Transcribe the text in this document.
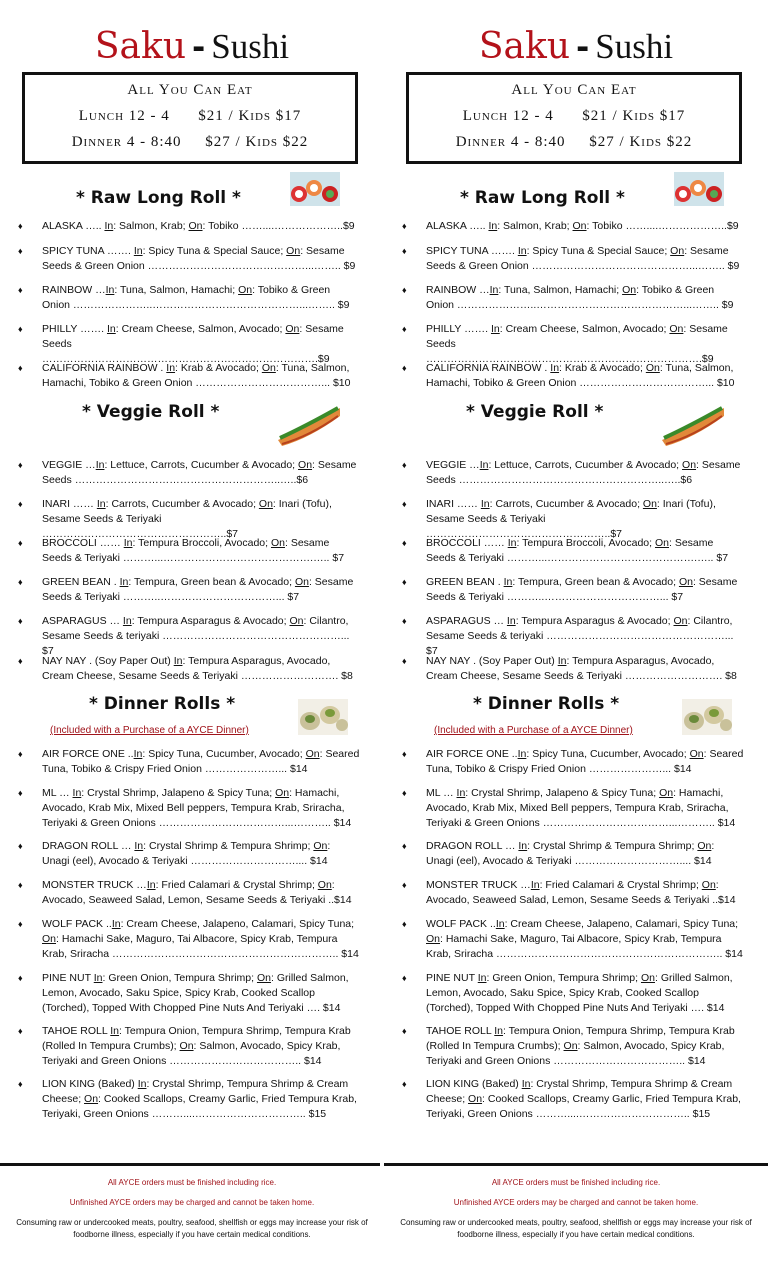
Saku - Sushi
All You Can Eat
Lunch 12 - 4      $21 / Kids $17
Dinner 4 - 8:40     $27 / Kids $22
* Raw Long Roll *
* Veggie Roll *
* Dinner Rolls *
(Included with a Purchase of a AYCE Dinner)
♦ ALASKA ….. In: Salmon, Krab; On: Tobiko ……....………………..$9
♦ SPICY TUNA ……. In: Spicy Tuna & Special Sauce; On: Sesame Seeds & Green Onion ………………………………………...…….. $9
♦ RAINBOW …In: Tuna, Salmon, Hamachi; On: Tobiko & Green Onion …………………..……………………………………...…….. $9
♦ PHILLY ……. In: Cream Cheese, Salmon, Avocado; On: Sesame Seeds …………………………………………………………………….$9
♦ CALIFORNIA RAINBOW . In: Krab & Avocado; On: Tuna, Salmon, Hamachi, Tobiko & Green Onion ………………………………... $10
♦ VEGGIE …In: Lettuce, Carrots, Cucumber & Avocado; On: Sesame Seeds …………………………………………………..…..$6
♦ INARI …… In: Carrots, Cucumber & Avocado; On: Inari (Tofu), Sesame Seeds & Teriyaki ……………………………………………..$7
♦ BROCCOLI …… In: Tempura Broccoli, Avocado; On: Sesame Seeds & Teriyaki ………...…………………………………….….. $7
♦ GREEN BEAN . In: Tempura, Green bean & Avocado; On: Sesame Seeds & Teriyaki ………..……………………………... $7
♦ ASPARAGUS … In: Tempura Asparagus & Avocado; On: Cilantro, Sesame Seeds & teriyaki ……………………………………………... $7
♦ NAY NAY . (Soy Paper Out) In: Tempura Asparagus, Avocado, Cream Cheese, Sesame Seeds & Teriyaki ………………………. $8
♦ AIR FORCE ONE ..In: Spicy Tuna, Cucumber, Avocado; On: Seared Tuna, Tobiko & Crispy Fried Onion …………………... $14
♦ ML … In: Crystal Shrimp, Jalapeno & Spicy Tuna; On: Hamachi, Avocado, Krab Mix, Mixed Bell peppers, Tempura Krab, Sriracha, Teriyaki & Green Onions ………………………………...……….. $14
♦ DRAGON ROLL … In: Crystal Shrimp & Tempura Shrimp; On: Unagi (eel), Avocado & Teriyaki ………………………….... $14
♦ MONSTER TRUCK …In: Fried Calamari & Crystal Shrimp; On: Avocado, Seaweed Salad, Lemon, Sesame Seeds & Teriyaki ..$14
♦ WOLF PACK ..In: Cream Cheese, Jalapeno, Calamari, Spicy Tuna; On: Hamachi Sake, Maguro, Tai Albacore, Spicy Krab, Tempura Krab, Sriracha ……………………………………………………….. $14
♦ PINE NUT In: Green Onion, Tempura Shrimp; On: Grilled Salmon, Lemon, Avocado, Saku Spice, Spicy Krab, Cooked Scallop (Torched), Topped With Chopped Pine Nuts And Teriyaki …. $14
♦ TAHOE ROLL In: Tempura Onion, Tempura Shrimp, Tempura Krab (Rolled In Tempura Crumbs); On: Salmon, Avocado, Spicy Krab, Teriyaki and Green Onions ……………………………….. $14
♦ LION KING (Baked) In: Crystal Shrimp, Tempura Shrimp & Cream Cheese; On: Cooked Scallops, Creamy Garlic, Fried Tempura Krab, Teriyaki, Green Onions ………....………………………….. $15
All AYCE orders must be finished including rice.
Unfinished AYCE orders may be charged and cannot be taken home.
Consuming raw or undercooked meats, poultry, seafood, shellfish or eggs may increase your risk of foodborne illness, especially if you have certain medical conditions.
Saku - Sushi
All You Can Eat
Lunch 12 - 4      $21 / Kids $17
Dinner 4 - 8:40     $27 / Kids $22
* Raw Long Roll *
* Veggie Roll *
* Dinner Rolls *
(Included with a Purchase of a AYCE Dinner)
♦ ALASKA ….. In: Salmon, Krab; On: Tobiko ……....………………..$9
♦ SPICY TUNA ……. In: Spicy Tuna & Special Sauce; On: Sesame Seeds & Green Onion ………………………………………...…….. $9
♦ RAINBOW …In: Tuna, Salmon, Hamachi; On: Tobiko & Green Onion …………………..……………………………………...…….. $9
♦ PHILLY ……. In: Cream Cheese, Salmon, Avocado; On: Sesame Seeds …………………………………………………………………….$9
♦ CALIFORNIA RAINBOW . In: Krab & Avocado; On: Tuna, Salmon, Hamachi, Tobiko & Green Onion ………………………………... $10
♦ VEGGIE …In: Lettuce, Carrots, Cucumber & Avocado; On: Sesame Seeds …………………………………………………..…..$6
♦ INARI …… In: Carrots, Cucumber & Avocado; On: Inari (Tofu), Sesame Seeds & Teriyaki ……………………………………………..$7
♦ BROCCOLI …… In: Tempura Broccoli, Avocado; On: Sesame Seeds & Teriyaki ………...…………………………………….….. $7
♦ GREEN BEAN . In: Tempura, Green bean & Avocado; On: Sesame Seeds & Teriyaki ………..……………………………... $7
♦ ASPARAGUS … In: Tempura Asparagus & Avocado; On: Cilantro, Sesame Seeds & teriyaki ……………………………………………... $7
♦ NAY NAY . (Soy Paper Out) In: Tempura Asparagus, Avocado, Cream Cheese, Sesame Seeds & Teriyaki ………………………. $8
♦ AIR FORCE ONE ..In: Spicy Tuna, Cucumber, Avocado; On: Seared Tuna, Tobiko & Crispy Fried Onion …………………... $14
♦ ML … In: Crystal Shrimp, Jalapeno & Spicy Tuna; On: Hamachi, Avocado, Krab Mix, Mixed Bell peppers, Tempura Krab, Sriracha, Teriyaki & Green Onions ………………………………...……….. $14
♦ DRAGON ROLL … In: Crystal Shrimp & Tempura Shrimp; On: Unagi (eel), Avocado & Teriyaki ………………………….... $14
♦ MONSTER TRUCK …In: Fried Calamari & Crystal Shrimp; On: Avocado, Seaweed Salad, Lemon, Sesame Seeds & Teriyaki ..$14
♦ WOLF PACK ..In: Cream Cheese, Jalapeno, Calamari, Spicy Tuna; On: Hamachi Sake, Maguro, Tai Albacore, Spicy Krab, Tempura Krab, Sriracha ……………………………………………………….. $14
♦ PINE NUT In: Green Onion, Tempura Shrimp; On: Grilled Salmon, Lemon, Avocado, Saku Spice, Spicy Krab, Cooked Scallop (Torched), Topped With Chopped Pine Nuts And Teriyaki …. $14
♦ TAHOE ROLL In: Tempura Onion, Tempura Shrimp, Tempura Krab (Rolled In Tempura Crumbs); On: Salmon, Avocado, Spicy Krab, Teriyaki and Green Onions ……………………………….. $14
♦ LION KING (Baked) In: Crystal Shrimp, Tempura Shrimp & Cream Cheese; On: Cooked Scallops, Creamy Garlic, Fried Tempura Krab, Teriyaki, Green Onions ………....………………………….. $15
All AYCE orders must be finished including rice.
Unfinished AYCE orders may be charged and cannot be taken home.
Consuming raw or undercooked meats, poultry, seafood, shellfish or eggs may increase your risk of foodborne illness, especially if you have certain medical conditions.
